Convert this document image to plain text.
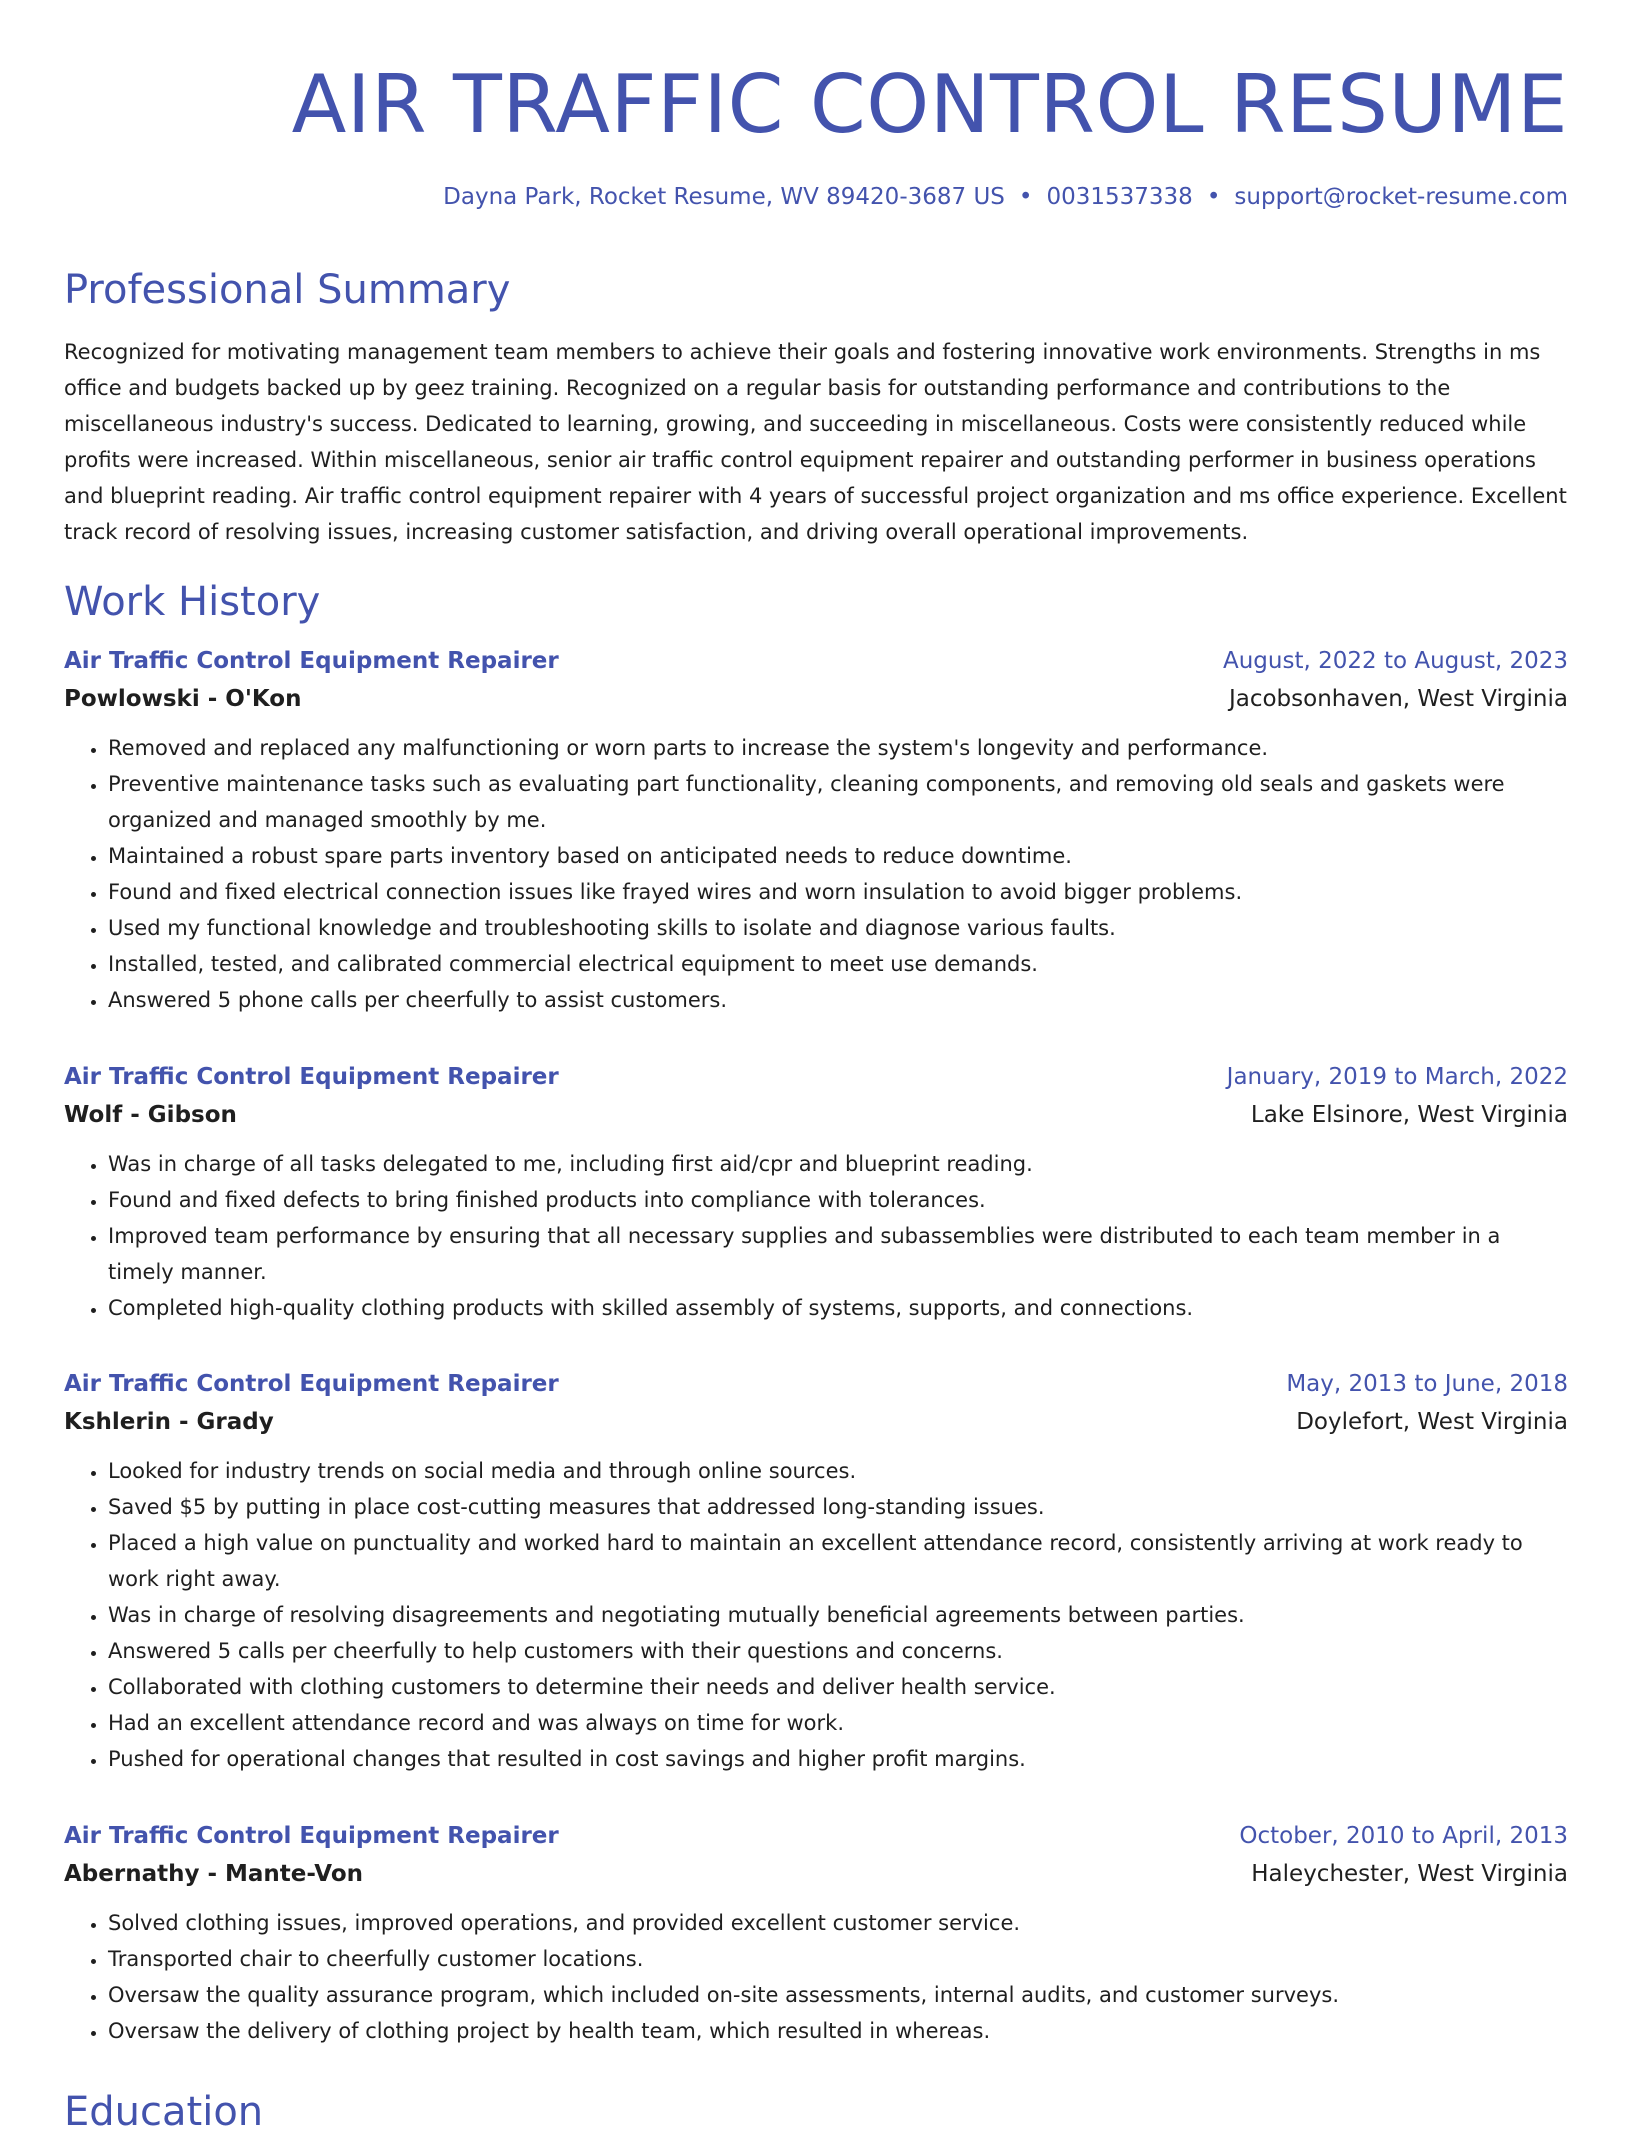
AIR TRAFFIC CONTROL RESUME
Dayna Park, Rocket Resume, WV 89420-3687 US • 0031537338 • support@rocket-resume.com
Professional Summary

Recognized for motivating management team members to achieve their goals and fostering innovative work environments. Strengths in ms office and budgets backed up by geez training. Recognized on a regular basis for outstanding performance and contributions to the miscellaneous industry's success. Dedicated to learning, growing, and succeeding in miscellaneous. Costs were consistently reduced while profits were increased. Within miscellaneous, senior air traffic control equipment repairer and outstanding performer in business operations and blueprint reading. Air traffic control equipment repairer with 4 years of successful project organization and ms office experience. Excellent track record of resolving issues, increasing customer satisfaction, and driving overall operational improvements.

Work History
Air Traffic Control Equipment Repairer	August, 2022 to August, 2023
Powlowski - O'Kon	Jacobsonhaven, West Virginia
• Removed and replaced any malfunctioning or worn parts to increase the system's longevity and performance.
• Preventive maintenance tasks such as evaluating part functionality, cleaning components, and removing old seals and gaskets were organized and managed smoothly by me.
• Maintained a robust spare parts inventory based on anticipated needs to reduce downtime.
• Found and fixed electrical connection issues like frayed wires and worn insulation to avoid bigger problems.
• Used my functional knowledge and troubleshooting skills to isolate and diagnose various faults.
• Installed, tested, and calibrated commercial electrical equipment to meet use demands.
• Answered 5 phone calls per cheerfully to assist customers.
Air Traffic Control Equipment Repairer	January, 2019 to March, 2022
Wolf - Gibson	Lake Elsinore, West Virginia
• Was in charge of all tasks delegated to me, including first aid/cpr and blueprint reading.
• Found and fixed defects to bring finished products into compliance with tolerances.
• Improved team performance by ensuring that all necessary supplies and subassemblies were distributed to each team member in a timely manner.
• Completed high-quality clothing products with skilled assembly of systems, supports, and connections.
Air Traffic Control Equipment Repairer	May, 2013 to June, 2018
Kshlerin - Grady	Doylefort, West Virginia
• Looked for industry trends on social media and through online sources.
• Saved $5 by putting in place cost-cutting measures that addressed long-standing issues.
• Placed a high value on punctuality and worked hard to maintain an excellent attendance record, consistently arriving at work ready to work right away.
• Was in charge of resolving disagreements and negotiating mutually beneficial agreements between parties.
• Answered 5 calls per cheerfully to help customers with their questions and concerns.
• Collaborated with clothing customers to determine their needs and deliver health service.
• Had an excellent attendance record and was always on time for work.
• Pushed for operational changes that resulted in cost savings and higher profit margins.
Air Traffic Control Equipment Repairer	October, 2010 to April, 2013
Abernathy - Mante-Von	Haleychester, West Virginia
• Solved clothing issues, improved operations, and provided excellent customer service.
• Transported chair to cheerfully customer locations.
• Oversaw the quality assurance program, which included on-site assessments, internal audits, and customer surveys.
• Oversaw the delivery of clothing project by health team, which resulted in whereas.
Education
